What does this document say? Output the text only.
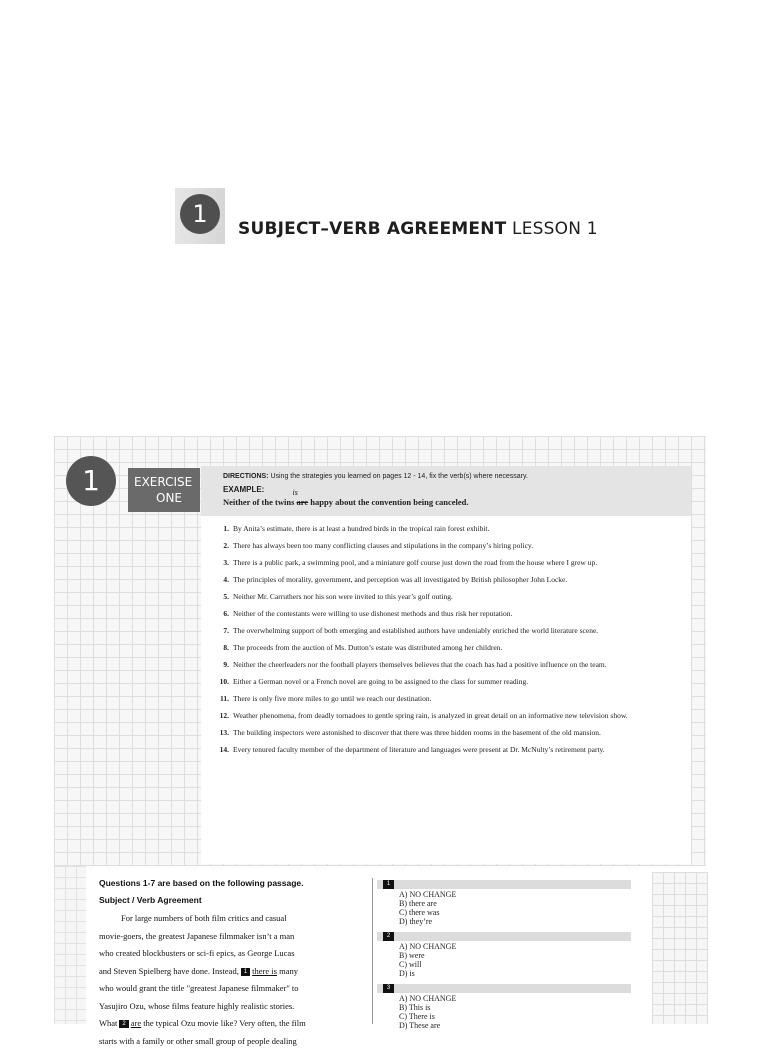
1
SUBJECT–VERB AGREEMENT LESSON 1
1	EXERCISE
ONE
DIRECTIONS: Using the strategies you learned on pages 12 - 14, fix the verb(s) where necessary.
EXAMPLE:
Neither of the twins
is
are happy about the convention being canceled.
1. By Anita’s estimate, there is at least a hundred birds in the tropical rain forest exhibit.
2. There has always been too many conflicting clauses and stipulations in the company’s hiring policy.
3. There is a public park, a swimming pool, and a miniature golf course just down the road from the house where I grew up.
4. The principles of morality, government, and perception was all investigated by British philosopher John Locke.
5. Neither Mr. Carruthers nor his son were invited to this year’s golf outing.
6. Neither of the contestants were willing to use dishonest methods and thus risk her reputation.
7. The overwhelming support of both emerging and established authors have undeniably enriched the world literature scene.
8. The proceeds from the auction of Ms. Dutton’s estate was distributed among her children.
9. Neither the cheerleaders nor the football players themselves believes that the coach has had a positive influence on the team.
10. Either a German novel or a French novel are going to be assigned to the class for summer reading.
11. There is only five more miles to go until we reach our destination.
12. Weather phenomena, from deadly tornadoes to gentle spring rain, is analyzed in great detail on an informative new television show.
13. The building inspectors were astonished to discover that there was three hidden rooms in the basement of the old mansion.
14. Every tenured faculty member of the department of literature and languages were present at Dr. McNulty’s retirement party.
Questions 1-7 are based on the following passage.
Subject / Verb Agreement
For large numbers of both film critics and casual
movie-goers, the greatest Japanese filmmaker isn’t a man
who created blockbusters or sci-fi epics, as George Lucas
and Steven Spielberg have done. Instead, 1 there is many
who would grant the title "greatest Japanese filmmaker" to
Yasujiro Ozu, whose films feature highly realistic stories.
What 2 are the typical Ozu movie like? Very often, the film
starts with a family or other small group of people dealing
1
A) NO CHANGE
B) there are
C) there was
D) they’re
2
A) NO CHANGE
B) were
C) will
D) is
3
A) NO CHANGE
B) This is
C) There is
D) These are
